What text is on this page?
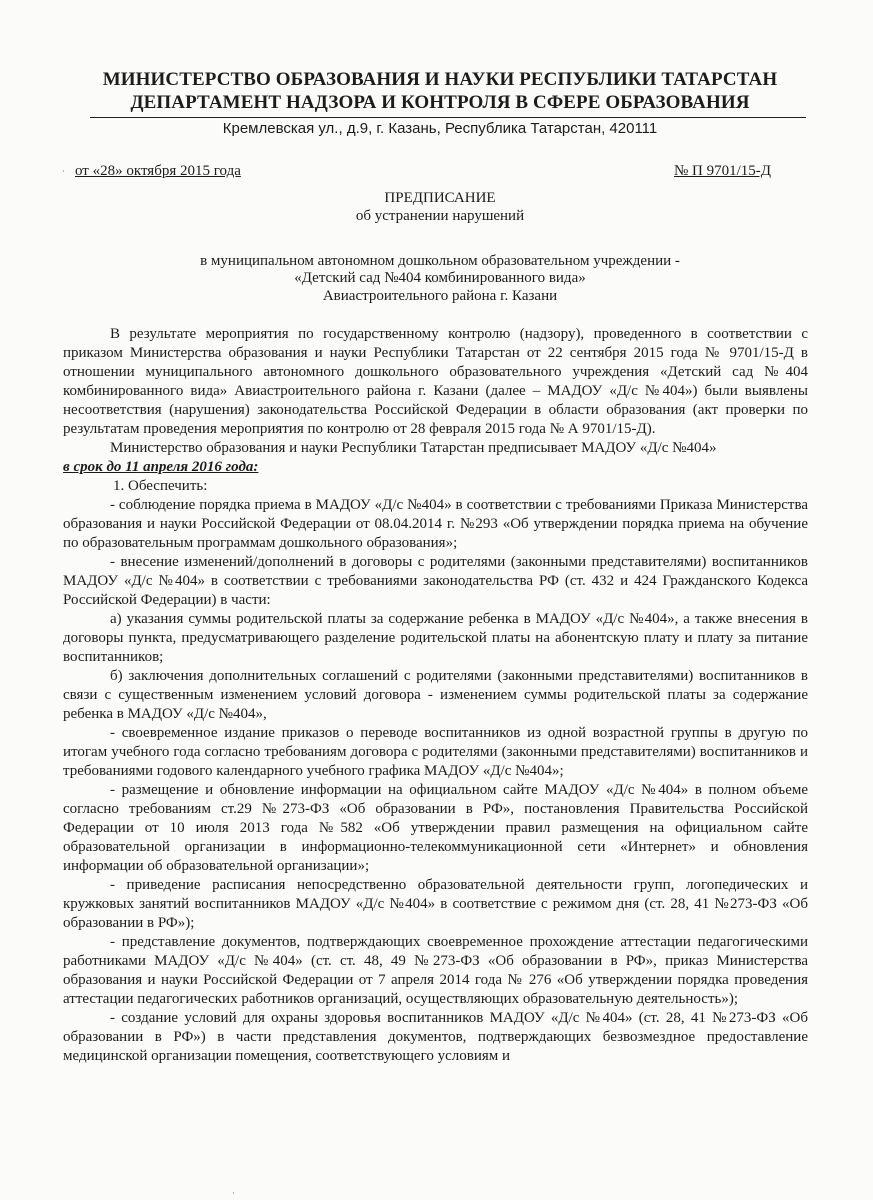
МИНИСТЕРСТВО ОБРАЗОВАНИЯ И НАУКИ РЕСПУБЛИКИ ТАТАРСТАН
ДЕПАРТАМЕНТ НАДЗОРА И КОНТРОЛЯ В СФЕРЕ ОБРАЗОВАНИЯ
Кремлевская ул., д.9, г. Казань, Республика Татарстан, 420111
· от «28» октября 2015 года	№ П 9701/15-Д
ПРЕДПИСАНИЕ
об устранении нарушений
в муниципальном автономном дошкольном образовательном учреждении -
«Детский сад №404 комбинированного вида»
Авиастроительного района г. Казани

В результате мероприятия по государственному контролю (надзору), проведенного в соответствии с приказом Министерства образования и науки Республики Татарстан от 22 сентября 2015 года № 9701/15-Д в отношении муниципального автономного дошкольного образовательного учреждения «Детский сад №404 комбинированного вида» Авиастроительного района г. Казани (далее – МАДОУ «Д/с №404») были выявлены несоответствия (нарушения) законодательства Российской Федерации в области образования (акт проверки по результатам проведения мероприятия по контролю от 28 февраля 2015 года № А 9701/15-Д).

Министерство образования и науки Республики Татарстан предписывает МАДОУ «Д/с №404»

в срок до 11 апреля 2016 года:

1. Обеспечить:

- соблюдение порядка приема в МАДОУ «Д/с №404» в соответствии с требованиями Приказа Министерства образования и науки Российской Федерации от 08.04.2014 г. №293 «Об утверждении порядка приема на обучение по образовательным программам дошкольного образования»;

- внесение изменений/дополнений в договоры с родителями (законными представителями) воспитанников МАДОУ «Д/с №404» в соответствии с требованиями законодательства РФ (ст. 432 и 424 Гражданского Кодекса Российской Федерации) в части:

а) указания суммы родительской платы за содержание ребенка в МАДОУ «Д/с №404», а также внесения в договоры пункта, предусматривающего разделение родительской платы на абонентскую плату и плату за питание воспитанников;

б) заключения дополнительных соглашений с родителями (законными представителями) воспитанников в связи с существенным изменением условий договора - изменением суммы родительской платы за содержание ребенка в МАДОУ «Д/с №404»,

- своевременное издание приказов о переводе воспитанников из одной возрастной группы в другую по итогам учебного года согласно требованиям договора с родителями (законными представителями) воспитанников и требованиями годового календарного учебного графика МАДОУ «Д/с №404»;

- размещение и обновление информации на официальном сайте МАДОУ «Д/с №404» в полном объеме согласно требованиям ст.29 №273-ФЗ «Об образовании в РФ», постановления Правительства Российской Федерации от 10 июля 2013 года №582 «Об утверждении правил размещения на официальном сайте образовательной организации в информационно-телекоммуникационной сети «Интернет» и обновления информации об образовательной организации»;

- приведение расписания непосредственно образовательной деятельности групп, логопедических и кружковых занятий воспитанников МАДОУ «Д/с №404» в соответствие с режимом дня (ст. 28, 41 №273-ФЗ «Об образовании в РФ»);

- представление документов, подтверждающих своевременное прохождение аттестации педагогическими работниками МАДОУ «Д/с №404» (ст. ст. 48, 49 №273-ФЗ «Об образовании в РФ», приказ Министерства образования и науки Российской Федерации от 7 апреля 2014 года № 276 «Об утверждении порядка проведения аттестации педагогических работников организаций, осуществляющих образовательную деятельность»);

- создание условий для охраны здоровья воспитанников МАДОУ «Д/с №404» (ст. 28, 41 №273-ФЗ «Об образовании в РФ») в части представления документов, подтверждающих безвозмездное предоставление медицинской организации помещения, соответствующего условиям и

·
